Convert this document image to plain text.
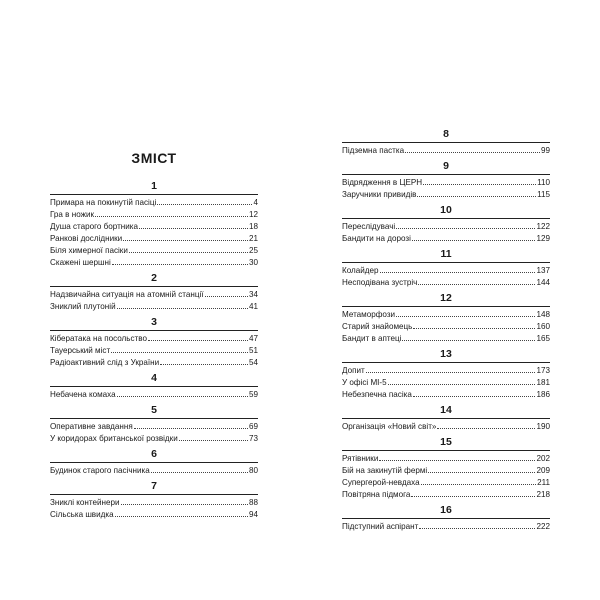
ЗМІСТ
1
Примара на покинутій пасіці	4
Гра в ножик	12
Душа старого бортника	18
Ранкові дослідники	21
Біля химерної пасіки	25
Скажені шершні	30
2
Надзвичайна ситуація на атомній станції	34
Зниклий плутоній	41
3
Кібератака на посольство	47
Тауерський міст	51
Радіоактивний слід з України	54
4
Небачена комаха	59
5
Оперативне завдання	69
У коридорах британської розвідки	73
6
Будинок старого пасічника	80
7
Зниклі контейнери	88
Сільська швидка	94
8
Підземна пастка	99
9
Відрядження в ЦЕРН	110
Заручники привидів	115
10
Переслідувачі	122
Бандити на дорозі	129
11
Колайдер	137
Несподівана зустріч	144
12
Метаморфози	148
Старий знайомець	160
Бандит в аптеці	165
13
Допит	173
У офісі МІ-5	181
Небезпечна пасіка	186
14
Організація «Новий світ»	190
15
Рятівники	202
Бій на закинутій фермі	209
Супергерой-невдаха	211
Повітряна підмога	218
16
Підступний аспірант	222
